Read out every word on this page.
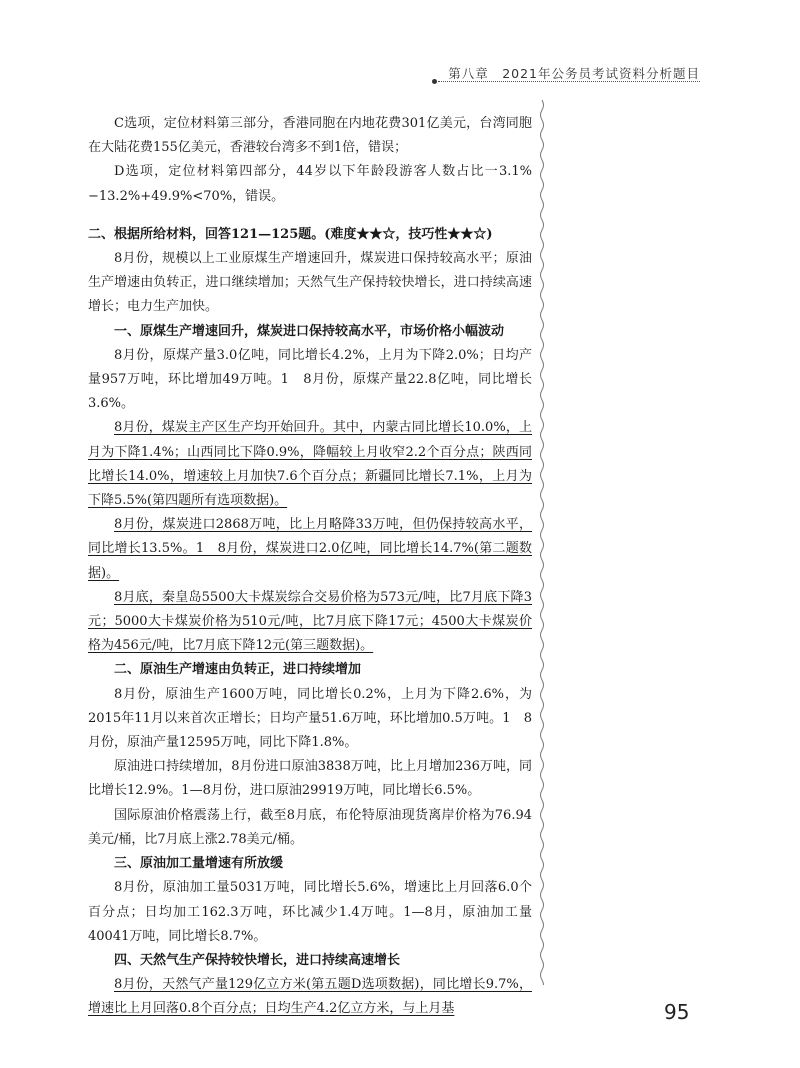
第八章　2021年公务员考试资料分析题目

C选项，定位材料第三部分，香港同胞在内地花费301亿美元，台湾同胞在大陆花费155亿美元，香港较台湾多不到1倍，错误；

D选项，定位材料第四部分，44岁以下年龄段游客人数占比一3.1%−13.2%+49.9%<70%，错误。

二、根据所给材料，回答121—125题。(难度★★☆，技巧性★★☆)

8月份，规模以上工业原煤生产增速回升，煤炭进口保持较高水平；原油生产增速由负转正，进口继续增加；天然气生产保持较快增长，进口持续高速增长；电力生产加快。

一、原煤生产增速回升，煤炭进口保持较高水平，市场价格小幅波动

8月份，原煤产量3.0亿吨，同比增长4.2%，上月为下降2.0%；日均产量957万吨，环比增加49万吨。1　8月份，原煤产量22.8亿吨，同比增长3.6%。

8月份，煤炭主产区生产均开始回升。其中，内蒙古同比增长10.0%，上月为下降1.4%；山西同比下降0.9%，降幅较上月收窄2.2个百分点；陕西同比增长14.0%，增速较上月加快7.6个百分点；新疆同比增长7.1%，上月为下降5.5%(第四题所有选项数据)。

8月份，煤炭进口2868万吨，比上月略降33万吨，但仍保持较高水平，同比增长13.5%。1　8月份，煤炭进口2.0亿吨，同比增长14.7%(第二题数据)。

8月底，秦皇岛5500大卡煤炭综合交易价格为573元/吨，比7月底下降3元；5000大卡煤炭价格为510元/吨，比7月底下降17元；4500大卡煤炭价格为456元/吨，比7月底下降12元(第三题数据)。

二、原油生产增速由负转正，进口持续增加

8月份，原油生产1600万吨，同比增长0.2%，上月为下降2.6%，为2015年11月以来首次正增长；日均产量51.6万吨，环比增加0.5万吨。1　8月份，原油产量12595万吨，同比下降1.8%。

原油进口持续增加，8月份进口原油3838万吨，比上月增加236万吨，同比增长12.9%。1—8月份，进口原油29919万吨，同比增长6.5%。

国际原油价格震荡上行，截至8月底，布伦特原油现货离岸价格为76.94美元/桶，比7月底上涨2.78美元/桶。

三、原油加工量增速有所放缓

8月份，原油加工量5031万吨，同比增长5.6%，增速比上月回落6.0个百分点；日均加工162.3万吨，环比减少1.4万吨。1—8月，原油加工量40041万吨，同比增长8.7%。

四、天然气生产保持较快增长，进口持续高速增长

8月份，天然气产量129亿立方米(第五题D选项数据)，同比增长9.7%，增速比上月回落0.8个百分点；日均生产4.2亿立方米，与上月基	95
